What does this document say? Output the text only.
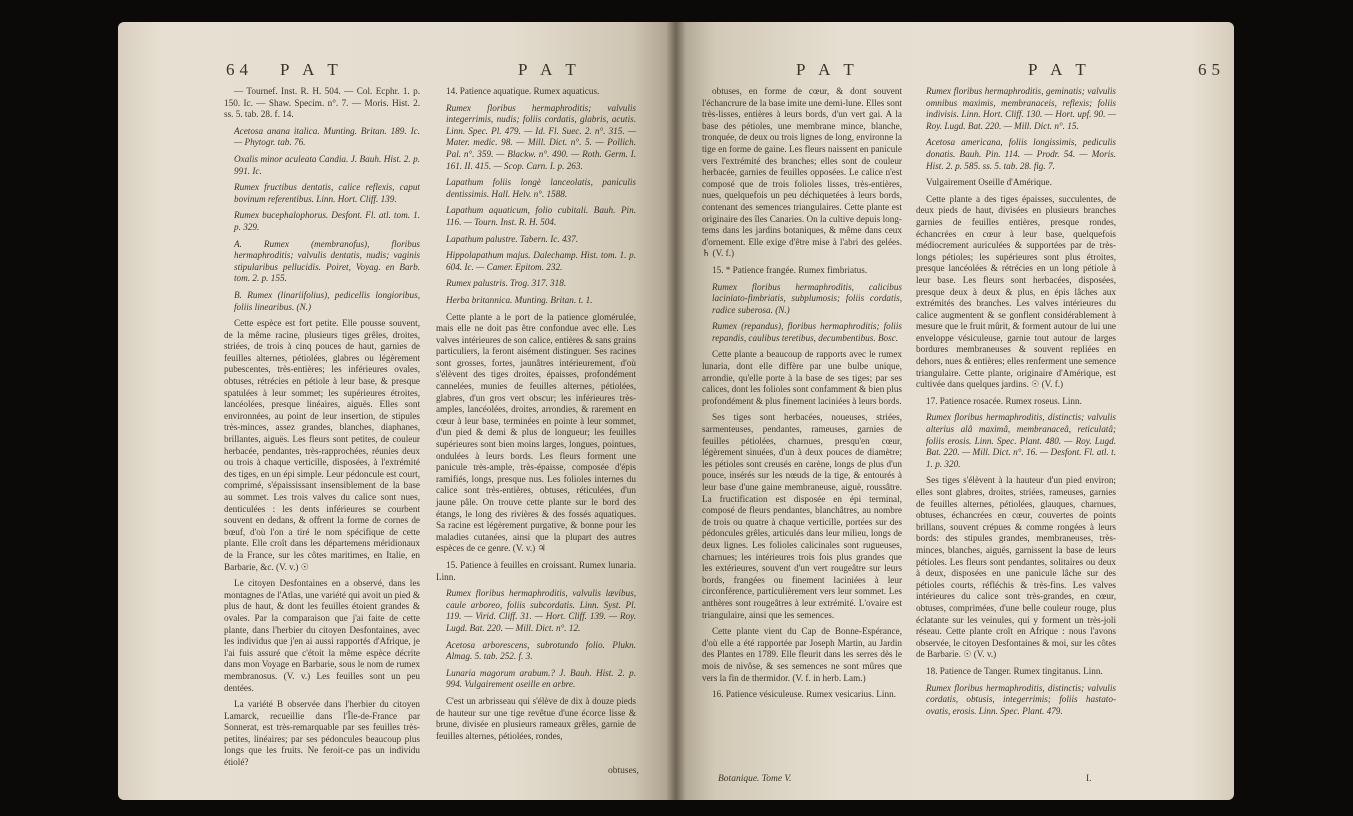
64 P A T	P A T

— Tournef. Inst. R. H. 504. — Col. Ecphr. 1. p. 150. Ic. — Shaw. Specim. n°. 7. — Moris. Hist. 2. ss. 5. tab. 28. f. 14.

Acetosa anana italica. Munting. Britan. 189. Ic. — Phytogr. tab. 76.

Oxalis minor aculeata Candia. J. Bauh. Hist. 2. p. 991. Ic.

Rumex fructibus dentatis, calice reflexis, caput bovinum referentibus. Linn. Hort. Cliff. 139.

Rumex bucephalophorus. Desfont. Fl. atl. tom. 1. p. 329.

A. Rumex (membranofus), floribus hermaphroditis; valvulis dentatis, nudis; vaginis stipularibus pellucidis. Poiret, Voyag. en Barb. tom. 2. p. 155.

B. Rumex (linariifolius), pedicellis longioribus, foliis linearibus. (N.)

Cette espèce est fort petite. Elle pousse souvent, de la même racine, plusieurs tiges grêles, droites, striées, de trois à cinq pouces de haut, garnies de feuilles alternes, pétiolées, glabres ou légèrement pubescentes, très-entières; les inférieures ovales, obtuses, rétrécies en pétiole à leur base, & presque spatulées à leur sommet; les supérieures étroites, lancéolées, presque linéaires, aiguës. Elles sont environnées, au point de leur insertion, de stipules très-minces, assez grandes, blanches, diaphanes, brillantes, aiguës. Les fleurs sont petites, de couleur herbacée, pendantes, très-rapprochées, réunies deux ou trois à chaque verticille, disposées, à l'extrémité des tiges, en un épi simple. Leur pédoncule est court, comprimé, s'épaississant insensiblement de la base au sommet. Les trois valves du calice sont nues, denticulées : les dents inférieures se courbent souvent en dedans, & offrent la forme de cornes de bœuf, d'où l'on a tiré le nom spécifique de cette plante. Elle croît dans les départemens méridionaux de la France, sur les côtes maritimes, en Italie, en Barbarie, &c. (V. v.) ☉

Le citoyen Desfontaines en a observé, dans les montagnes de l'Atlas, une variété qui avoit un pied & plus de haut, & dont les feuilles étoient grandes & ovales. Par la comparaison que j'ai faite de cette plante, dans l'herbier du citoyen Desfontaines, avec les individus que j'en ai aussi rapportés d'Afrique, je l'ai fuis assuré que c'étoit la même espèce décrite dans mon Voyage en Barbarie, sous le nom de rumex membranosus. (V. v.) Les feuilles sont un peu dentées.

La variété B observée dans l'herbier du citoyen Lamarck, recueillie dans l'Île-de-France par Sonnerat, est très-remarquable par ses feuilles très-petites, linéaires; par ses pédoncules beaucoup plus longs que les fruits. Ne feroit-ce pas un individu étiolé?

14. Patience aquatique. Rumex aquaticus.

Rumex floribus hermaphroditis; valvulis integerrimis, nudis; foliis cordatis, glabris, acutis. Linn. Spec. Pl. 479. — Id. Fl. Suec. 2. n°. 315. — Mater. medic. 98. — Mill. Dict. n°. 5. — Pollich. Pal. n°. 359. — Blackw. n°. 490. — Roth. Germ. I. 161. II. 415. — Scop. Carn. I. p. 263.

Lapathum foliis longè lanceolatis, paniculis dentissimis. Hall. Helv. n°. 1588.

Lapathum aquaticum, folio cubitali. Bauh. Pin. 116. — Tourn. Inst. R. H. 504.

Lapathum palustre. Tabern. Ic. 437.

Hippolapathum majus. Dalechamp. Hist. tom. 1. p. 604. Ic. — Camer. Epitom. 232.

Rumex palustris. Trog. 317. 318.

Herba britannica. Munting. Britan. t. 1.

Cette plante a le port de la patience glomérulée, mais elle ne doit pas être confondue avec elle. Les valves intérieures de son calice, entières & sans grains particuliers, la feront aisément distinguer. Ses racines sont grosses, fortes, jaunâtres intérieurement, d'où s'élèvent des tiges droites, épaisses, profondément cannelées, munies de feuilles alternes, pétiolées, glabres, d'un gros vert obscur; les inférieures très-amples, lancéolées, droites, arrondies, & rarement en cœur à leur base, terminées en pointe à leur sommet, d'un pied & demi & plus de longueur; les feuilles supérieures sont bien moins larges, longues, pointues, ondulées à leurs bords. Les fleurs forment une panicule très-ample, très-épaisse, composée d'épis ramifiés, longs, presque nus. Les folioles internes du calice sont très-entières, obtuses, réticulées, d'un jaune pâle. On trouve cette plante sur le bord des étangs, le long des rivières & des fossés aquatiques. Sa racine est légèrement purgative, & bonne pour les maladies cutanées, ainsi que la plupart des autres espèces de ce genre. (V. v.) ♃

15. Patience à feuilles en croissant. Rumex lunaria. Linn.

Rumex floribus hermaphroditis, valvulis lævibus, caule arboreo, foliis subcordatis. Linn. Syst. Pl. 119. — Virid. Cliff. 31. — Hort. Cliff. 139. — Roy. Lugd. Bat. 220. — Mill. Dict. n°. 12.

Acetosa arborescens, subrotundo folio. Plukn. Almag. 5. tab. 252. f. 3.

Lunaria magorum arabum.? J. Bauh. Hist. 2. p. 994. Vulgairement oseille en arbre.

C'est un arbrisseau qui s'élève de dix à douze pieds de hauteur sur une tige revêtue d'une écorce lisse & brune, divisée en plusieurs rameaux grêles, garnie de feuilles alternes, pétiolées, rondes,

obtuses,
P A T	P A T	65

obtuses, en forme de cœur, & dont souvent l'échancrure de la base imite une demi-lune. Elles sont très-lisses, entières à leurs bords, d'un vert gai. A la base des pétioles, une membrane mince, blanche, tronquée, de deux ou trois lignes de long, environne la tige en forme de gaine. Les fleurs naissent en panicule vers l'extrémité des branches; elles sont de couleur herbacée, garnies de feuilles opposées. Le calice n'est composé que de trois folioles lisses, très-entières, nues, quelquefois un peu déchiquetées à leurs bords, contenant des semences triangulaires. Cette plante est originaire des îles Canaries. On la cultive depuis long-tems dans les jardins botaniques, & même dans ceux d'ornement. Elle exige d'être mise à l'abri des gelées. ♄ (V. f.)

15. * Patience frangée. Rumex fimbriatus.

Rumex floribus hermaphroditis, calicibus laciniato-fimbriatis, subplumosis; foliis cordatis, radice suberosa. (N.)

Rumex (repandus), floribus hermaphroditis; foliis repandis, caulibus teretibus, decumbentibus. Bosc.

Cette plante a beaucoup de rapports avec le rumex lunaria, dont elle diffère par une bulbe unique, arrondie, qu'elle porte à la base de ses tiges; par ses calices, dont les folioles sont confamment & bien plus profondément & plus finement laciniées à leurs bords.

Ses tiges sont herbacées, noueuses, striées, sarmenteuses, pendantes, rameuses, garnies de feuilles pétiolées, charnues, presqu'en cœur, légèrement sinuées, d'un à deux pouces de diamètre; les pétioles sont creusés en carène, longs de plus d'un pouce, insérés sur les nœuds de la tige, & entourés à leur base d'une gaine membraneuse, aiguë, roussâtre. La fructification est disposée en épi terminal, composé de fleurs pendantes, blanchâtres, au nombre de trois ou quatre à chaque verticille, portées sur des pédoncules grêles, articulés dans leur milieu, longs de deux lignes. Les folioles calicinales sont rugueuses, charnues; les intérieures trois fois plus grandes que les extérieures, souvent d'un vert rougeâtre sur leurs bords, frangées ou finement laciniées à leur circonférence, particulièrement vers leur sommet. Les anthères sont rougeâtres à leur extrémité. L'ovaire est triangulaire, ainsi que les semences.

Cette plante vient du Cap de Bonne-Espérance, d'où elle a été rapportée par Joseph Martin, au Jardin des Plantes en 1789. Elle fleurit dans les serres dès le mois de nivôse, & ses semences ne sont mûres que vers la fin de thermidor. (V. f. in herb. Lam.)

16. Patience vésiculeuse. Rumex vesicarius. Linn.

Rumex floribus hermaphroditis, geminatis; valvulis omnibus maximis, membranaceis, reflexis; foliis indivisis. Linn. Hort. Cliff. 130. — Hort. upf. 90. — Roy. Lugd. Bat. 220. — Mill. Dict. n°. 15.

Acetosa americana, foliis longissimis, pediculis donatis. Bauh. Pin. 114. — Prodr. 54. — Moris. Hist. 2. p. 585. ss. 5. tab. 28. fig. 7.

Vulgairement Oseille d'Amérique.

Cette plante a des tiges épaisses, succulentes, de deux pieds de haut, divisées en plusieurs branches garnies de feuilles entières, presque rondes, échancrées en cœur à leur base, quelquefois médiocrement auriculées & supportées par de très-longs pétioles; les supérieures sont plus étroites, presque lancéolées & rétrécies en un long pétiole à leur base. Les fleurs sont herbacées, disposées, presque deux à deux & plus, en épis lâches aux extrémités des branches. Les valves intérieures du calice augmentent & se gonflent considérablement à mesure que le fruit mûrit, & forment autour de lui une enveloppe vésiculeuse, garnie tout autour de larges bordures membraneuses & souvent repliées en dehors, nues & entières; elles renferment une semence triangulaire. Cette plante, originaire d'Amérique, est cultivée dans quelques jardins. ☉ (V. f.)

17. Patience rosacée. Rumex roseus. Linn.

Rumex floribus hermaphroditis, distinctis; valvulis alterius alâ maximâ, membranaceâ, reticulatâ; foliis erosis. Linn. Spec. Plant. 480. — Roy. Lugd. Bat. 220. — Mill. Dict. n°. 16. — Desfont. Fl. atl. t. 1. p. 320.

Ses tiges s'élèvent à la hauteur d'un pied environ; elles sont glabres, droites, striées, rameuses, garnies de feuilles alternes, pétiolées, glauques, charnues, obtuses, échancrées en cœur, couvertes de points brillans, souvent crépues & comme rongées à leurs bords: des stipules grandes, membraneuses, très-minces, blanches, aiguës, garnissent la base de leurs pétioles. Les fleurs sont pendantes, solitaires ou deux à deux, disposées en une panicule lâche sur des pétioles courts, réfléchis & très-fins. Les valves intérieures du calice sont très-grandes, en cœur, obtuses, comprimées, d'une belle couleur rouge, plus éclatante sur les veinules, qui y forment un très-joli réseau. Cette plante croît en Afrique : nous l'avons observée, le citoyen Desfontaines & moi, sur les côtes de Barbarie. ☉ (V. v.)

18. Patience de Tanger. Rumex tingitanus. Linn.

Rumex floribus hermaphroditis, distinctis; valvulis cordatis, obtusis, integerrimis; foliis hastato-ovatis, erosis. Linn. Spec. Plant. 479.

Botanique. Tome V.	I.
